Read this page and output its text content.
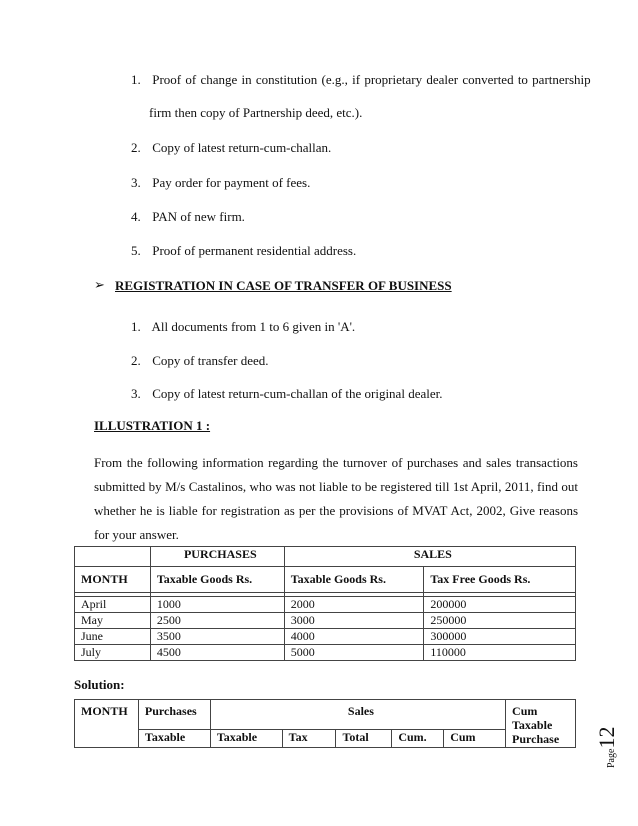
1. Proof of change in constitution (e.g., if proprietary dealer converted to partnership
firm then copy of Partnership deed, etc.).
2. Copy of latest return-cum-challan.
3. Pay order for payment of fees.
4. PAN of new firm.
5. Proof of permanent residential address.
➢ REGISTRATION IN CASE OF TRANSFER OF BUSINESS
1. All documents from 1 to 6 given in 'A'.
2. Copy of transfer deed.
3. Copy of latest return-cum-challan of the original dealer.
ILLUSTRATION 1 :
From the following information regarding the turnover of purchases and sales transactions
submitted by M/s Castalinos, who was not liable to be registered till 1st April, 2011, find out
whether he is liable for registration as per the provisions of MVAT Act, 2002, Give reasons
for your answer.
	PURCHASES	SALES	
MONTH	Taxable Goods Rs.	Taxable Goods Rs.	Tax Free Goods Rs.

April	1000	2000	200000
May	2500	3000	250000
June	3500	4000	300000
July	4500	5000	110000
Solution:
MONTH	Purchases	Sales					Cum
Taxable
Purchase
	Taxable	Taxable	Tax	Total	Cum.	Cum	
Page12
